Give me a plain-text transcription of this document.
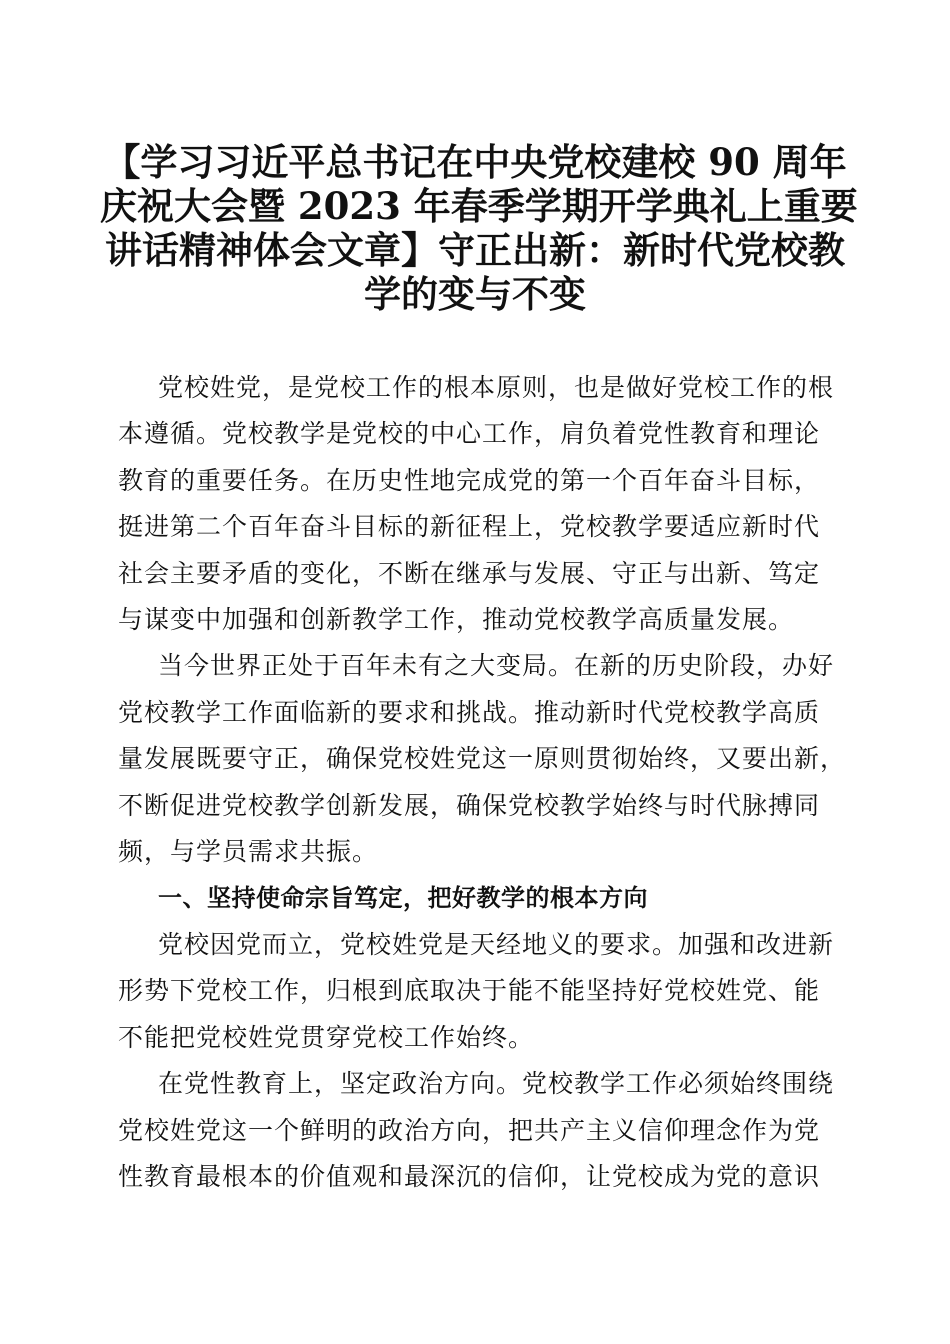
【学习习近平总书记在中央党校建校 90 周年
庆祝大会暨 2023 年春季学期开学典礼上重要
讲话精神体会文章】守正出新：新时代党校教
学的变与不变

党校姓党，是党校工作的根本原则，也是做好党校工作的根
本遵循。党校教学是党校的中心工作，肩负着党性教育和理论
教育的重要任务。在历史性地完成党的第一个百年奋斗目标，
挺进第二个百年奋斗目标的新征程上，党校教学要适应新时代
社会主要矛盾的变化，不断在继承与发展、守正与出新、笃定
与谋变中加强和创新教学工作，推动党校教学高质量发展。

当今世界正处于百年未有之大变局。在新的历史阶段，办好
党校教学工作面临新的要求和挑战。推动新时代党校教学高质
量发展既要守正，确保党校姓党这一原则贯彻始终，又要出新，
不断促进党校教学创新发展，确保党校教学始终与时代脉搏同
频，与学员需求共振。

一、坚持使命宗旨笃定，把好教学的根本方向

党校因党而立，党校姓党是天经地义的要求。加强和改进新
形势下党校工作，归根到底取决于能不能坚持好党校姓党、能
不能把党校姓党贯穿党校工作始终。

在党性教育上，坚定政治方向。党校教学工作必须始终围绕
党校姓党这一个鲜明的政治方向，把共产主义信仰理念作为党
性教育最根本的价值观和最深沉的信仰，让党校成为党的意识
